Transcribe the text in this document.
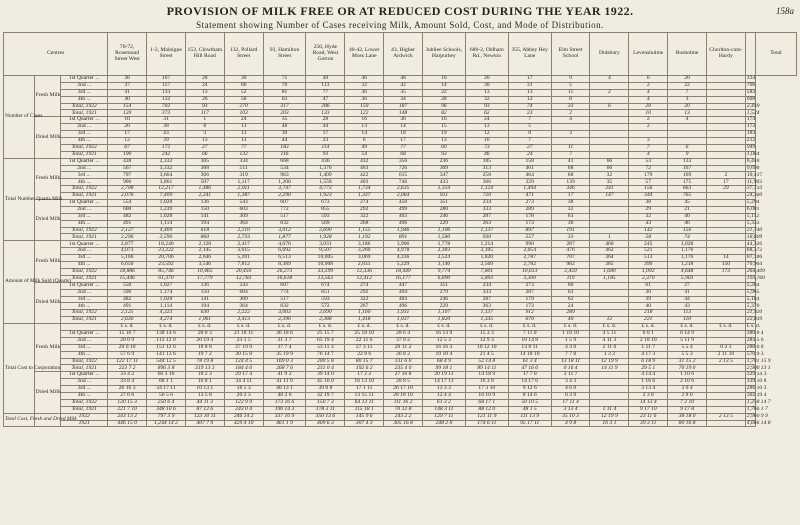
158a
PROVISION OF MILK FREE OR AT REDUCED COST DURING THE YEAR 1922.
Statement showing Number of Cases receiving Milk, Amount Sold, Cost, and Mode of Distribution.
Centres			70-72, Rosemund Street West	1-3, Mainigne Street	153, Clowtham Hill Road	132, Pollard Street	93, Hamilton Street	250, Hyde Road, West Gorton	40-42, Lower Moss Lane	43, Higher Ardwick	Jubilee Schools, Harpurhey	680-2, Oldham Rd., Newton	355, Abbey Hey Lane	Elm Street School	Didsbury	Levenshulme	Rusholme	Chorlton-cum-Hardy		Total
Number of Cases	Fresh Milk	1st Quarter ...	36	167	28	30	71	49	46	48	16	26	17	9	4	6	20		334	
		2nd ...	37	157	24	66	70	113	32	42	14	30	31	5		2	22		706	
		3rd ...	41	133	13	52	81	77	36	35	22	13	13	11	2	4	7		583	
		4th ...	40	132	26	50	63	47	36	34	28	32	12	8		4	3		608	
		Total, 1922	154	702	93	270	317	286	150	187	96	93	74	33	6	20	20		2,449	
		Total, 1921	120	373	117	103	203	133	122	148	82	62	23	2		10	13		1,524	
	Dried Milk	1st Quarter ...	10	31	1	24	35	28	16	36	16	24	7	4		2	4		174	
		2nd ...	20	38	8	13	48	44	13	14	15	13	5			2			173	
		3rd ...	17	43	3	13	39	17	14	18	19	12	8	3					183	
		4th ...	12	39	13	13	44	23	6	17	13	16	7			3			212	
		Total, 1922	67	172	27	77	183	114	49	77	60	73	27	11		7	6		949	
		Total, 1921	190	242	66	132	116	93	54	68	93	46	24	7		4	9		1,064	
Total Number Quarts Milk	Fresh Milk	1st Quarter ...	438	2,332	305	334	668	436	432	356	236	185	158	41	66	53	133		6,440	
		2nd ...	567	3,332	308	511	534	1,376	463	726	309	313	461	68	66	72	167		9,690	
		3rd ...	797	3,664	366	319	963	1,409	422	615	347	258	464	68	32	179	169	2	10,417	
		4th ...	906	3,861	507	1,117	1,200	1,558	403	746	433	366	329	139	35	57	175	17	11,983	
		Total, 1922	2,708	12,217	1,486	2,011	3,747	4,773	1,734	2,635	1,359	1,124	1,494	346	241	156	663	29	37,733	
		Total, 1921	2,076	7,409	2,241	1,387	2,290	1,923	1,337	2,064	921	720	471	17	147	344	765		24,360	
	Dried Milk	1st Quarter ...	554	1,028	136	543	607	673	274	450	351	234	273	38		38	45		5,294	
		2nd ...	600	1,239	150	603	772	855	292	499	280	333	289	32		29	21		6,001	
		3rd ...	482	1,028	141	309	517	593	322	403	246	287	178	63		32	40		5,112	
		4th ...	491	1,114	194	364	832	569	268	496	229	263	173	36		43	46		5,333	
		Total, 1922	2,127	4,409	618	2,210	3,012	2,690	1,155	1,946	1,106	1,137	897	191		142	156		21,740	
		Total, 1921	2,296	3,590	860	2,733	1,877	1,928	1,192	891	1,580	930	557	33	1	58	74		18,609	
Amount of Milk Sold (Quarts)	Fresh Milk	1st Quarter ...	2,877	18,240	2,128	2,417	4,670	3,031	3,186	3,906	1,778	1,214	990	287	460	245	1,028		44,326	
		2nd ...	4,073	23,222	2,145	3,615	6,692	9,507	3,260	4,978	2,303	2,105	2,054	476	462	521	1,176		68,372	
		3rd ...	5,166	20,706	2,646	5,201	6,513	10,005	3,069	4,336	2,524	1,820	2,787	707	364	513	1,176	14	67,186	
		4th ...	6,650	23,592	3,546	7,812	8,389	10,908	2,831	5,229	3,140	2,569	2,782	982	385	399	1,218	150	79,904	
		Total, 1922	18,886	85,746	10,465	20,450	26,273	33,599	12,336	18,449	9,774	7,801	10,613	2,459	1,680	1,092	4,648	173	264,409	
		Total, 1921	15,446	61,370	17,779	12,783	16,618	13,563	12,412	16,177	6,890	5,893	3,300	119	1,185	2,370	5,903		193,760	
	Dried Milk	1st Quarter ...	550	1,027	136	543	607	674	274	447	351	234	273	60		61	27		5,264	
		2nd ...	596	1,174	150	604	774	851	292	494	279	333	287	63		30	41		5,965	
		3rd ...	482	1,028	141	309	517	593	322	403	246	287	179	62		39	44		5,184	
		4th ...	491	1,114	194	364	832	572	267	496	229	263	173	24		40	43		5,370	
		Total, 1922	2,125	4,323	630	2,222	3,003	2,690	1,160	1,931	1,107	1,137	912	289		218	113		21,920	
		Total, 1921	2,630	4,274	1,061	3,413	2,390	2,388	1,418	1,037	1,820	1,335	670	40	12	221	110		22,839	
Total Cost to Corporation	Fresh Milk		£ s. d.	£ s. d.	£ s. d.	£ s. d.	£ s. d.	£ s. d.	£ s. d.	£ s. d.	£ s. d.	£ s. d.	£ s. d.	£ s. d.	£ s. d.	£ s. d.	£ s. d.	£ s. d.	£ s. d.	
		1st Quarter ...	15 16 7	138 14 6	20 0 3	21 18 11	36 18 6	25 15 7	25 18 10	28 6 4	16 13 9	15 3 3	7 11 0	1 19 10	4 5 11	6 0 1	6 14 9		380 0 4	
		2nd ...	20 0 9	113 12 0	20 19 4	23 1 5	31 3 7	65 19 4	22 11 6	37 0 2	12 5 3	12 9 3	10 14 8	1 5 9	4 11 3	2 18 10	5 11 9		384 5 6	
		3rd ...	29 0 10	151 12 6	18 8 8	27 19 9	37 7 4	53 11 3	27 3 11	29 11 2	16 16 3	10 12 10	13 8 11	4 3 0	2 11 0	1 11 7	5 5 4	0 2 3	280 0 0	
		4th ...	57 6 9	141 13 6	19 7 2	30 15 8	35 19 9	76 14 7	22 8 6	36 8 2	19 10 4	21 4 5	14 18 10	7 7 8	1 3 2	4 17 3	5 5 3	2 11 10	570 9 3	
		Total, 1922	122 17 11	544 12 5	78 19 8	124 4 5	169 0 3	200 5 8	80 15 7	131 6 0	68 4 9	52 14 8	61 3 4	13 18 11	12 19 9	6 18 9	31 15 2	2 13 5	1,701 15 9	
		Total, 1921	223 7 2	896 3 8	319 13 3	184 4 6	268 7 6	231 0 4	192 6 2	235 4 0	99 18 1	89 14 11	47 16 6	0 16 4	14 11 9	29 5 1	70 19 0		2,900 13 1	
	Dried Milk	1st Quarter ...	33 4 2	66 3 10	10 2 3	29 17 4	41 9 2	39 14 0	17 2 2	27 16 8	20 19 11	14 18 9	17 7 0	3 11 7		4 14 4	1 10 6		329 14 3	
		2nd ...	33 8 4	68 1 1	10 8 1	34 4 11	41 11 0	45 16 0	16 13 10	28 8 5	14 17 11	16 3 8	14 17 6	3 4 3		1 16 6	2 10 6		339 10 8	
		3rd ...	26 16 3	34 17 11	10 13 1	18 5 3	40 13 1	39 0 8	17 1 11	26 17 10	13 3 3	17 3 10	9 12 6	4 6 0		3 13 4	3 0 4		286 10 3	
		4th ...	27 6 6	56 5 6	13 5 8	20 2 3	48 2 6	32 19 7	13 15 11	28 18 10	12 4 4	16 10 9	8 14 6	0 3 9		2 3 8	2 8 0		302 19 4	
		Total, 1922	120 15 3	250 6 4	44 11 3	122 9 9	173 16 6	150 7 3	64 13 11	111 16 2	61 3 2	68 17 1	50 10 5	17 11 4		14 13 4	7 2 10		1,258 14 7	
		Total, 1921	221 7 10	348 10 6	87 12 6	243 0 4	190 14 3	178 3 11	115 18 1	70 12 8	148 3 11	88 12 0	48 1 5	3 13 4	1 11 4	9 17 10	9 17 8		1,766 1 7	
Total Cost, Fresh and Dried Milk		1922	243 13 2	797 3 9	123 10 11	246 14 2	337 16 9	350 13 6	145 9 6	243 2 2	129 7 11	121 11 9	111 13 9	35 10 3	12 19 9	23 11 6	38 18 0	2 13 5	2,960 9 9	
		1921	446 15 0	1,244 14 2	407 7 9	429 4 10	461 1 9	409 6 3	307 4 3	305 16 8	248 2 0	174 6 11	95 17 11	4 9 8	16 3 1	39 3 11	80 16 8		4,666 14 8	
